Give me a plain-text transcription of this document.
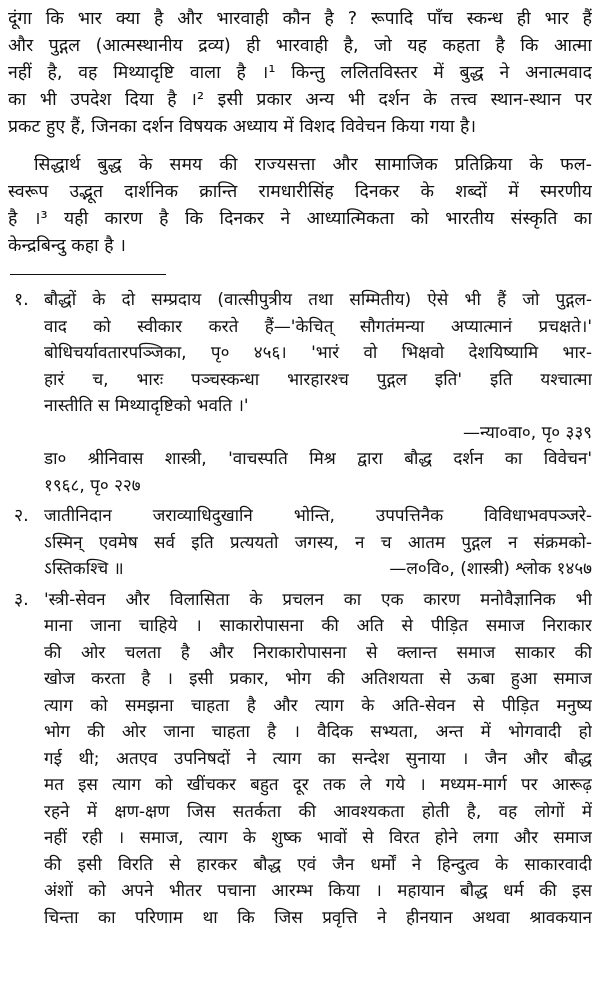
दूंगा कि भार क्या है और भारवाही कौन है ? रूपादि पाँच स्कन्ध ही भार हैं
और पुद्गल (आत्मस्थानीय द्रव्य) ही भारवाही है, जो यह कहता है कि आत्मा
नहीं है, वह मिथ्यादृष्टि वाला है ।¹ किन्तु ललितविस्तर में बुद्ध ने अनात्मवाद
का भी उपदेश दिया है ।² इसी प्रकार अन्य भी दर्शन के तत्त्व स्थान-स्थान पर
प्रकट हुए हैं, जिनका दर्शन विषयक अध्याय में विशद विवेचन किया गया है।
सिद्धार्थ बुद्ध के समय की राज्यसत्ता और सामाजिक प्रतिक्रिया के फल-
स्वरूप उद्भूत दार्शनिक क्रान्ति रामधारीसिंह दिनकर के शब्दों में स्मरणीय
है ।³ यही कारण है कि दिनकर ने आध्यात्मिकता को भारतीय संस्कृति का
केन्द्रबिन्दु कहा है ।
१. बौद्धों के दो सम्प्रदाय (वात्सीपुत्रीय तथा सम्मितीय) ऐसे भी हैं जो पुद्गल-
वाद को स्वीकार करते हैं—'केचित् सौगतंमन्या अप्यात्मानं प्रचक्षते।'
बोधिचर्यावतारपञ्जिका, पृ० ४५६। 'भारं वो भिक्षवो देशयिष्यामि भार-
हारं च, भारः पञ्चस्कन्धा भारहारश्च पुद्गल इति' इति यश्चात्मा
नास्तीति स मिथ्यादृष्टिको भवति ।'
—न्या०वा०, पृ० ३३९
डा० श्रीनिवास शास्त्री, 'वाचस्पति मिश्र द्वारा बौद्ध दर्शन का विवेचन'
१९६८, पृ० २२७
२. जातीनिदान जराव्याधिदुखानि भोन्ति, उपपत्तिनैक विविधाभवपञ्जरे-
ऽस्मिन् एवमेष सर्व इति प्रत्ययतो जगस्य, न च आतम पुद्गल न संक्रमको-
ऽस्तिकश्चि ॥	—ल०वि०, (शास्त्री) श्लोक १४५७
३. 'स्त्री-सेवन और विलासिता के प्रचलन का एक कारण मनोवैज्ञानिक भी
माना जाना चाहिये । साकारोपासना की अति से पीड़ित समाज निराकार
की ओर चलता है और निराकारोपासना से क्लान्त समाज साकार की
खोज करता है । इसी प्रकार, भोग की अतिशयता से ऊबा हुआ समाज
त्याग को समझना चाहता है और त्याग के अति-सेवन से पीड़ित मनुष्य
भोग की ओर जाना चाहता है । वैदिक सभ्यता, अन्त में भोगवादी हो
गई थी; अतएव उपनिषदों ने त्याग का सन्देश सुनाया । जैन और बौद्ध
मत इस त्याग को खींचकर बहुत दूर तक ले गये । मध्यम-मार्ग पर आरूढ़
रहने में क्षण-क्षण जिस सतर्कता की आवश्यकता होती है, वह लोगों में
नहीं रही । समाज, त्याग के शुष्क भावों से विरत होने लगा और समाज
की इसी विरति से हारकर बौद्ध एवं जैन धर्मों ने हिन्दुत्व के साकारवादी
अंशों को अपने भीतर पचाना आरम्भ किया । महायान बौद्ध धर्म की इस
चिन्ता का परिणाम था कि जिस प्रवृत्ति ने हीनयान अथवा श्रावकयान
